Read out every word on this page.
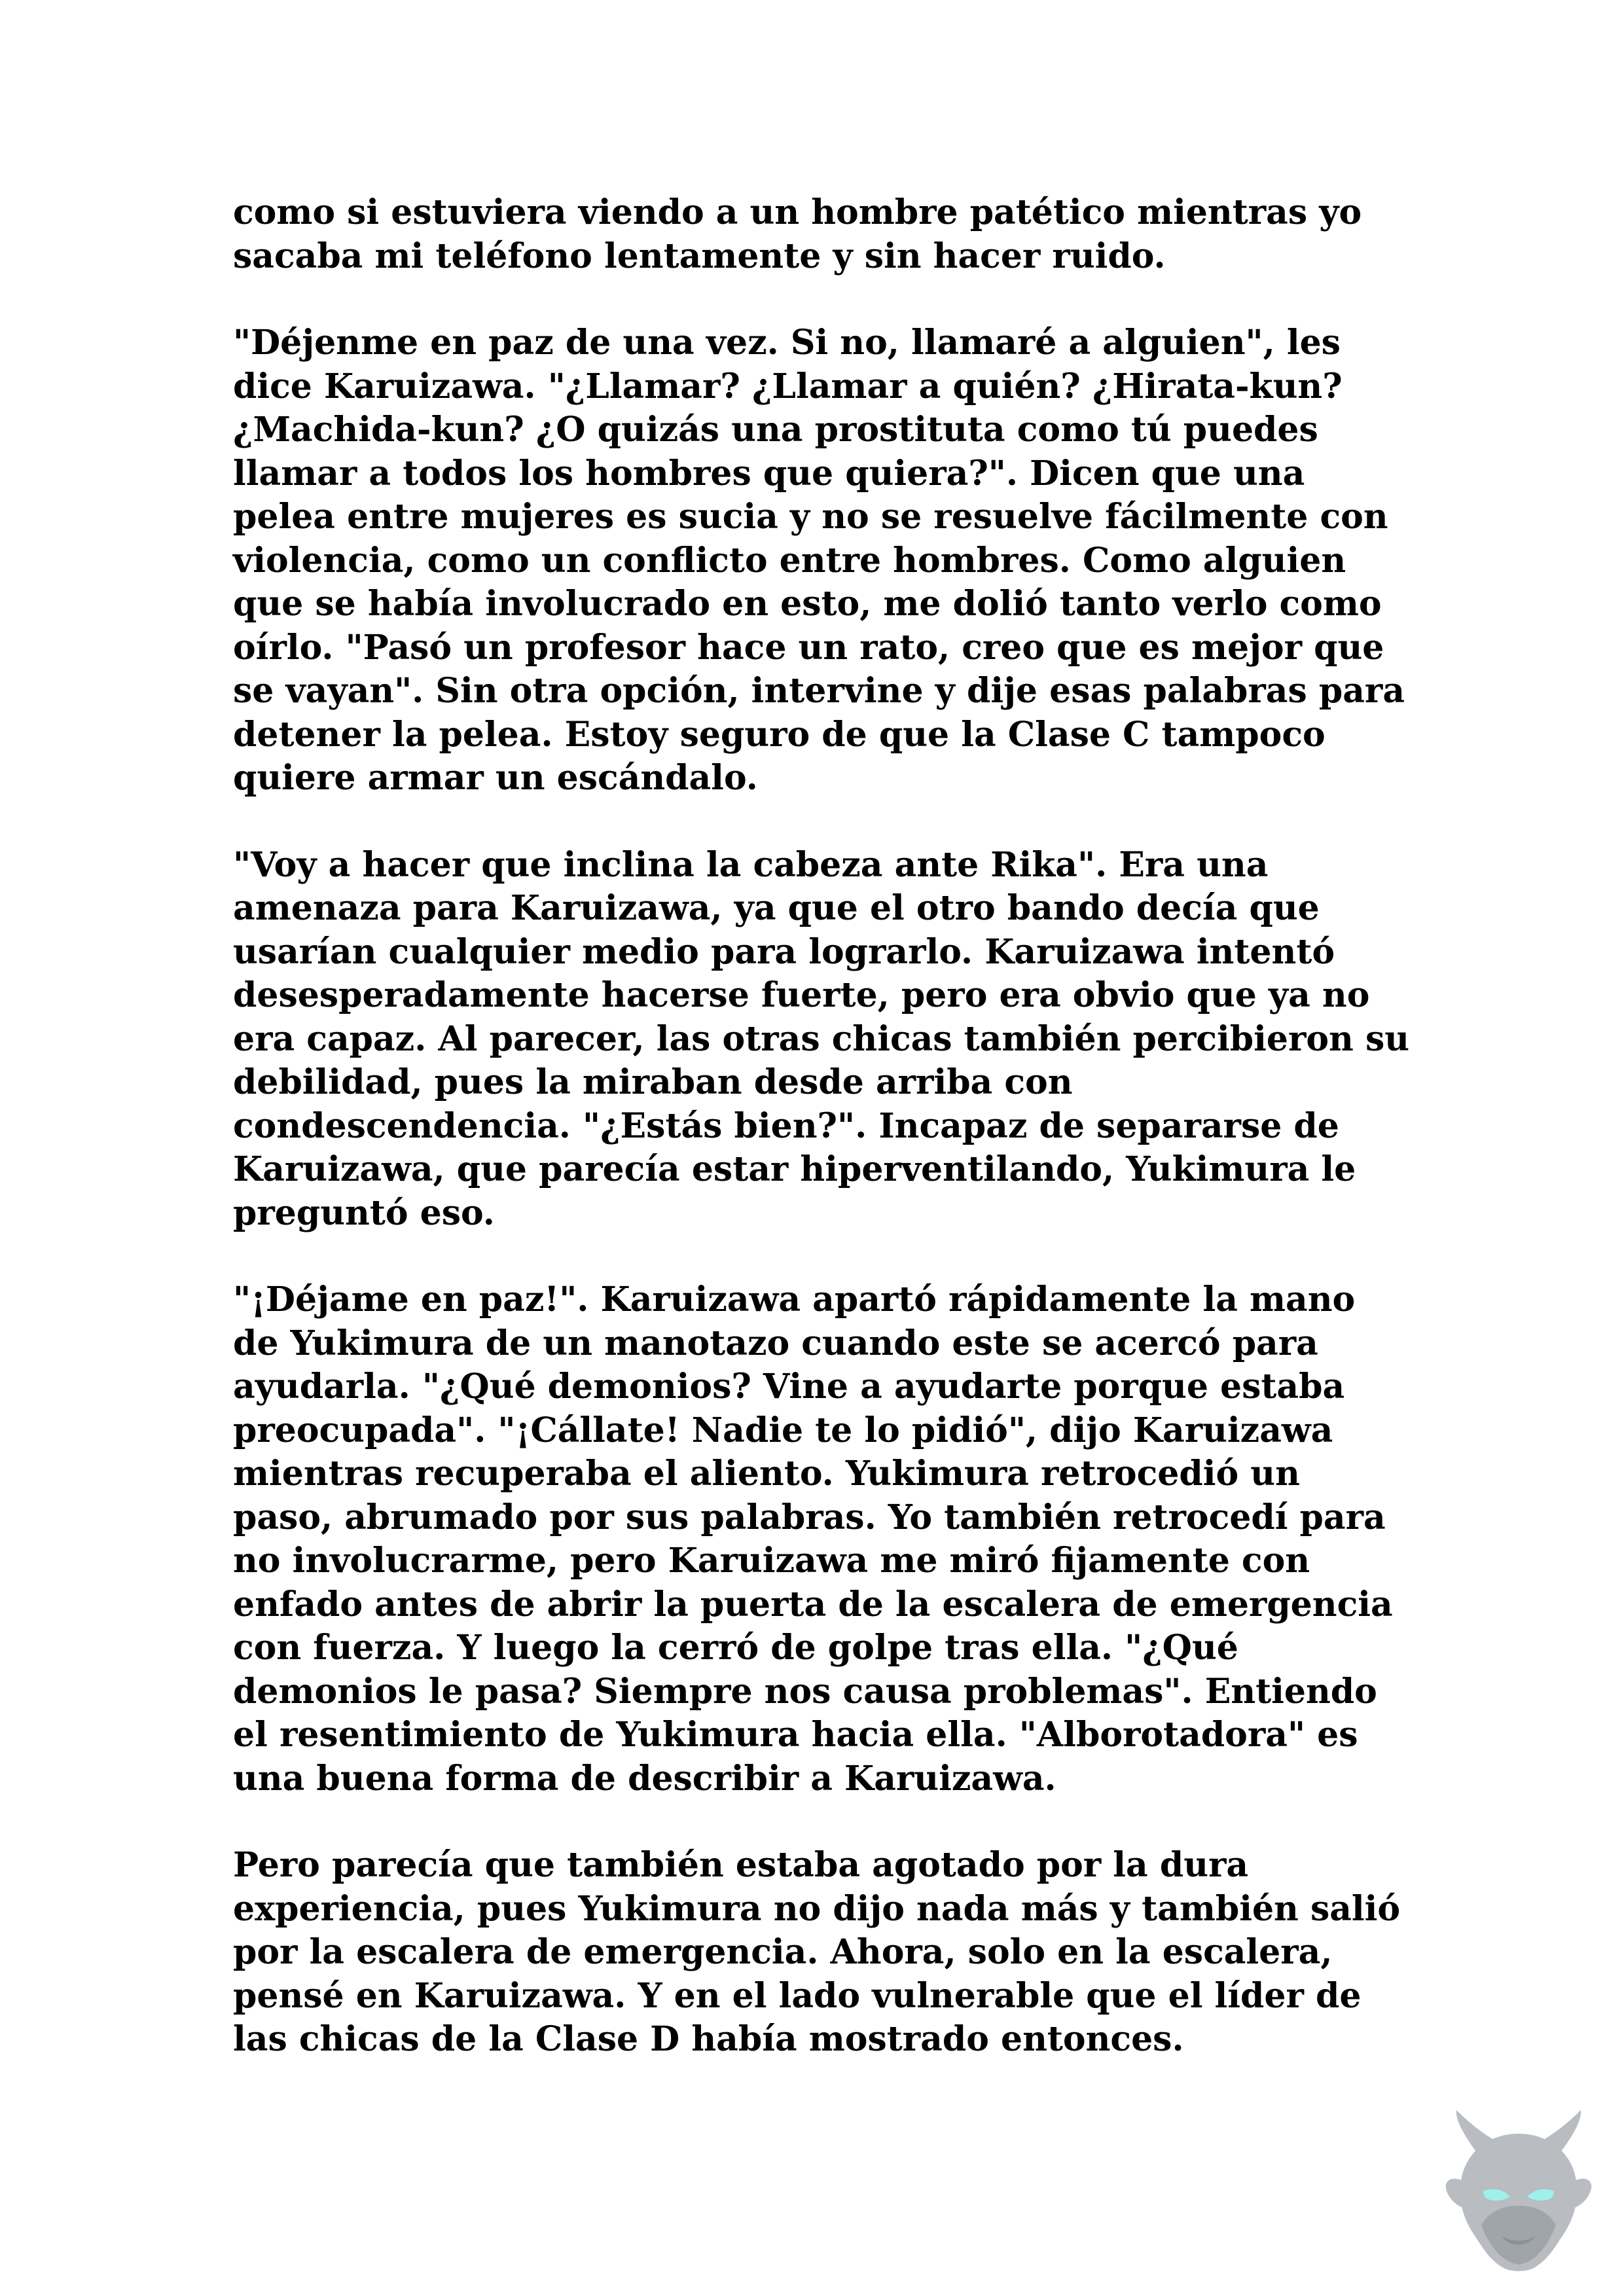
como si estuviera viendo a un hombre patético mientras yo sacaba mi teléfono lentamente y sin hacer ruido.

"Déjenme en paz de una vez. Si no, llamaré a alguien", les dice Karuizawa. "¿Llamar? ¿Llamar a quién? ¿Hirata-kun? ¿Machida-kun? ¿O quizás una prostituta como tú puedes llamar a todos los hombres que quiera?". Dicen que una pelea entre mujeres es sucia y no se resuelve fácilmente con violencia, como un conflicto entre hombres. Como alguien que se había involucrado en esto, me dolió tanto verlo como oírlo. "Pasó un profesor hace un rato, creo que es mejor que se vayan". Sin otra opción, intervine y dije esas palabras para detener la pelea. Estoy seguro de que la Clase C tampoco quiere armar un escándalo.

"Voy a hacer que inclina la cabeza ante Rika". Era una amenaza para Karuizawa, ya que el otro bando decía que usarían cualquier medio para lograrlo. Karuizawa intentó desesperadamente hacerse fuerte, pero era obvio que ya no era capaz. Al parecer, las otras chicas también percibieron su debilidad, pues la miraban desde arriba con condescendencia. "¿Estás bien?". Incapaz de separarse de Karuizawa, que parecía estar hiperventilando, Yukimura le preguntó eso.

"¡Déjame en paz!". Karuizawa apartó rápidamente la mano de Yukimura de un manotazo cuando este se acercó para ayudarla. "¿Qué demonios? Vine a ayudarte porque estaba preocupada". "¡Cállate! Nadie te lo pidió", dijo Karuizawa mientras recuperaba el aliento. Yukimura retrocedió un paso, abrumado por sus palabras. Yo también retrocedí para no involucrarme, pero Karuizawa me miró fijamente con enfado antes de abrir la puerta de la escalera de emergencia con fuerza. Y luego la cerró de golpe tras ella. "¿Qué demonios le pasa? Siempre nos causa problemas". Entiendo el resentimiento de Yukimura hacia ella. "Alborotadora" es una buena forma de describir a Karuizawa.

Pero parecía que también estaba agotado por la dura experiencia, pues Yukimura no dijo nada más y también salió por la escalera de emergencia. Ahora, solo en la escalera, pensé en Karuizawa. Y en el lado vulnerable que el líder de las chicas de la Clase D había mostrado entonces.
